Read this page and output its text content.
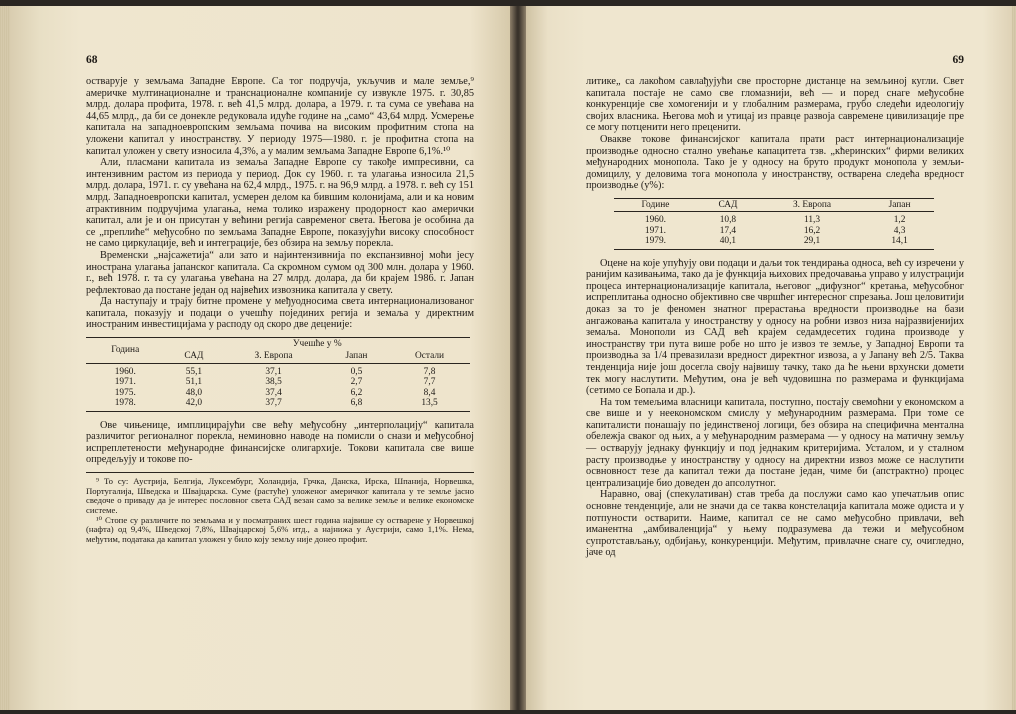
68

оствaрује у земљама Западне Европе. Са тог подручја, укључив и мале земље,⁹ америчке мултинационалне и транснационалне компаније су извукле 1975. г. 30,85 млрд. долара профита, 1978. г. већ 41,5 млрд. долара, а 1979. г. та сума се увећава на 44,65 млрд., да би се донекле редуковала идуће године на „само“ 43,64 млрд. Усмерење капитала на западноевропским земљама почива на високим профитним стопа на уложени капитал у иностранству. У периоду 1975—1980. г. је профитна стопа на капитал уложен у свету износила 4,3%, а у малим земљама Западне Европе 6,1%.¹⁰

Али, пласмани капитала из земаља Западне Европе су такође импресивни, са интензивним растом из периода у период. Док су 1960. г. та улагања износила 21,5 млрд. долара, 1971. г. су увећана на 62,4 млрд., 1975. г. на 96,9 млрд. а 1978. г. већ су 151 млрд. Западноевропски капитал, усмерен делом ка бившим колонијама, али и ка новим атрактивним подручјима улагања, нема толико изражену продорност као амерички капитал, али је и он присутан у већини регија савременог света. Његова је особина да се „преплиће“ међусобно по земљама Западне Европе, показујући високу способност не само циркулације, већ и интеграције, без обзира на земљу порекла.

Временски „најсажетија“ али зато и најинтензивнија по експанзивној моћи јесу иностранa улагања јапанског капитала. Са скромном сумом од 300 млн. долара у 1960. г., већ 1978. г. та су улагања увећана на 27 млрд. долара, да би крајем 1986. г. Јапан рефлектовао да постане један од највећих извозника капитала у свету.

Да наступају и трају битне промене у међуодносима света интернационализованог капитала, показују и подаци о учешћу појединих регија и земаља у директним иностраним инвестицијама у расподу од скоро две деценије:

Година	Учешће у %			
	САД	З. Европа	Јапан	Остали
1960.	55,1	37,1	0,5	7,8
1971.	51,1	38,5	2,7	7,7
1975.	48,0	37,4	6,2	8,4
1978.	42,0	37,7	6,8	13,5

Ове чињенице, имплицирајући све већу међусобну „интерполацију“ капитала различитог регионалног порекла, неминовно наводе на помисли о снази и међусобној испреплетености међународне финансијске олигархије. Токови капитала све више опредељују и токове по-

⁹ То су: Аустрија, Белгија, Луксембург, Холандија, Грчка, Данска, Ирска, Шпанија, Норвешка, Португалија, Шведска и Швајцарска. Суме (растуће) уложеног америчког капитала у те земље јасно сведоче о приваду да је интерес пословног света САД везан само за велике земље и велике економске системе.

¹⁰ Стопе су различите по земљама и у посматраних шест година највише су остварене у Норвешкој (нафта) од 9,4%, Шведској 7,8%, Швајцарској 5,6% итд., а најнижа у Аустрији, само 1,1%. Нема, међутим, података да капитал уложен у било коју земљу није донео профит.

69

литике„ са лакоћом савлађујући све просторне дистанце на земљиној кугли. Свет капитала постаје не само све гломазнији, већ — и поред снаге међусобне конкуренције све хомогенији и у глобалним размерама, грубо следећи идеологију својих власника. Његова моћ и утицај из правце развоја савремене цивилизације пре се могу потценити него преценити.

Овакве токове финансијског капитала прати раст интернационализације производње односно стално увећање капацитета тзв. „кћеринских“ фирми великих међународних монопола. Тако је у односу на бруто продукт монопола у земљи-домицилу, у деловима тога монопола у иностранству, остварена следећа вредност производње (у%):

Године	САД	З. Европа	Јапан
1960.	10,8	11,3	1,2
1971.	17,4	16,2	4,3
1979.	40,1	29,1	14,1

Оцене на које упућују ови подаци и даљи ток тендирања односа, већ су изречени у ранијим казивањима, тако да је функција њихових предочавања управо у илустрацији процеса интернационализације капитала, његовог „дифузног“ кретања, међусобног испреплитања односно објективно све чвршћег интересног спрезања. Још целовитији доказ за то је феномен знатног прерастања вредности производње на бази ангажовања капитала у иностранству у односу на робни извоз низа најразвијенијих земаља. Монополи из САД већ крајем седамдесетих година производе у иностранству три пута више робе но што је извоз те земље, у Западној Европи та производња за 1/4 превазилази вредност директног извоза, а у Јапану већ 2/5. Таква тенденција није још досегла своју највишу тачку, тако да ће њени врхунски домети тек могу наслутити. Међутим, она је већ чудовишна по размерама и функцијама (сетимо се Бопала и др.).

На том темељима власници капитала, поступно, постају свемоћни у економском а све више и у неекономском смислу у међународним размерама. При томе се капиталисти понашају по јединственој логици, без обзира на специфична ментална обележја сваког од њих, а у међународним размерама — у односу на матичну земљу — остварују једнаку функцију и под једнаким критеријима. Усталом, и у сталном расту производње у иностранству у односу на директни извоз може се наслутити освновност тезе да капитал тежи да постане један, чиме би (апстрактно) процес централизације био доведен до апсолутног.

Наравно, овај (спекулативан) став треба да послужи само као упечатљив опис основне тенденције, али не значи да се таква констелација капитала може одиста и у потпуности остварити. Наиме, капитал се не само међусобно привлачи, већ иманентна „амбиваленција“ у њему подразумева да тежи и међусобном супротстављању, одбијању, конкуренцији. Међутим, привлачне снаге су, очигледно, јаче од
